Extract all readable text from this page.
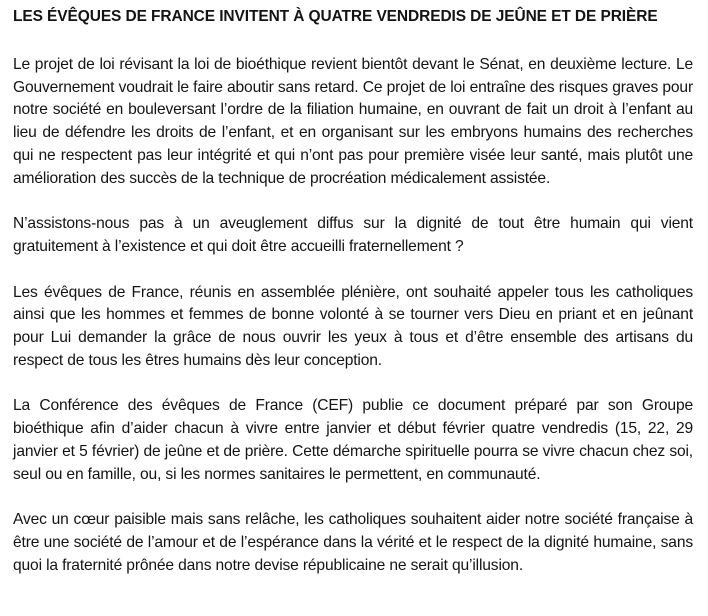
LES ÉVÊQUES DE FRANCE INVITENT À QUATRE VENDREDIS DE JEÛNE ET DE PRIÈRE

Le projet de loi révisant la loi de bioéthique revient bientôt devant le Sénat, en deuxième lecture. Le Gouvernement voudrait le faire aboutir sans retard. Ce projet de loi entraîne des risques graves pour notre société en bouleversant l’ordre de la filiation humaine, en ouvrant de fait un droit à l’enfant au lieu de défendre les droits de l’enfant, et en organisant sur les embryons humains des recherches qui ne respectent pas leur intégrité et qui n’ont pas pour première visée leur santé, mais plutôt une amélioration des succès de la technique de procréation médicalement assistée.

N’assistons-nous pas à un aveuglement diffus sur la dignité de tout être humain qui vient gratuitement à l’existence et qui doit être accueilli fraternellement ?

Les évêques de France, réunis en assemblée plénière, ont souhaité appeler tous les catholiques ainsi que les hommes et femmes de bonne volonté à se tourner vers Dieu en priant et en jeûnant pour Lui demander la grâce de nous ouvrir les yeux à tous et d’être ensemble des artisans du respect de tous les êtres humains dès leur conception.

La Conférence des évêques de France (CEF) publie ce document préparé par son Groupe bioéthique afin d’aider chacun à vivre entre janvier et début février quatre vendredis (15, 22, 29 janvier et 5 février) de jeûne et de prière. Cette démarche spirituelle pourra se vivre chacun chez soi, seul ou en famille, ou, si les normes sanitaires le permettent, en communauté.

Avec un cœur paisible mais sans relâche, les catholiques souhaitent aider notre société française à être une société de l’amour et de l’espérance dans la vérité et le respect de la dignité humaine, sans quoi la fraternité prônée dans notre devise républicaine ne serait qu’illusion.
